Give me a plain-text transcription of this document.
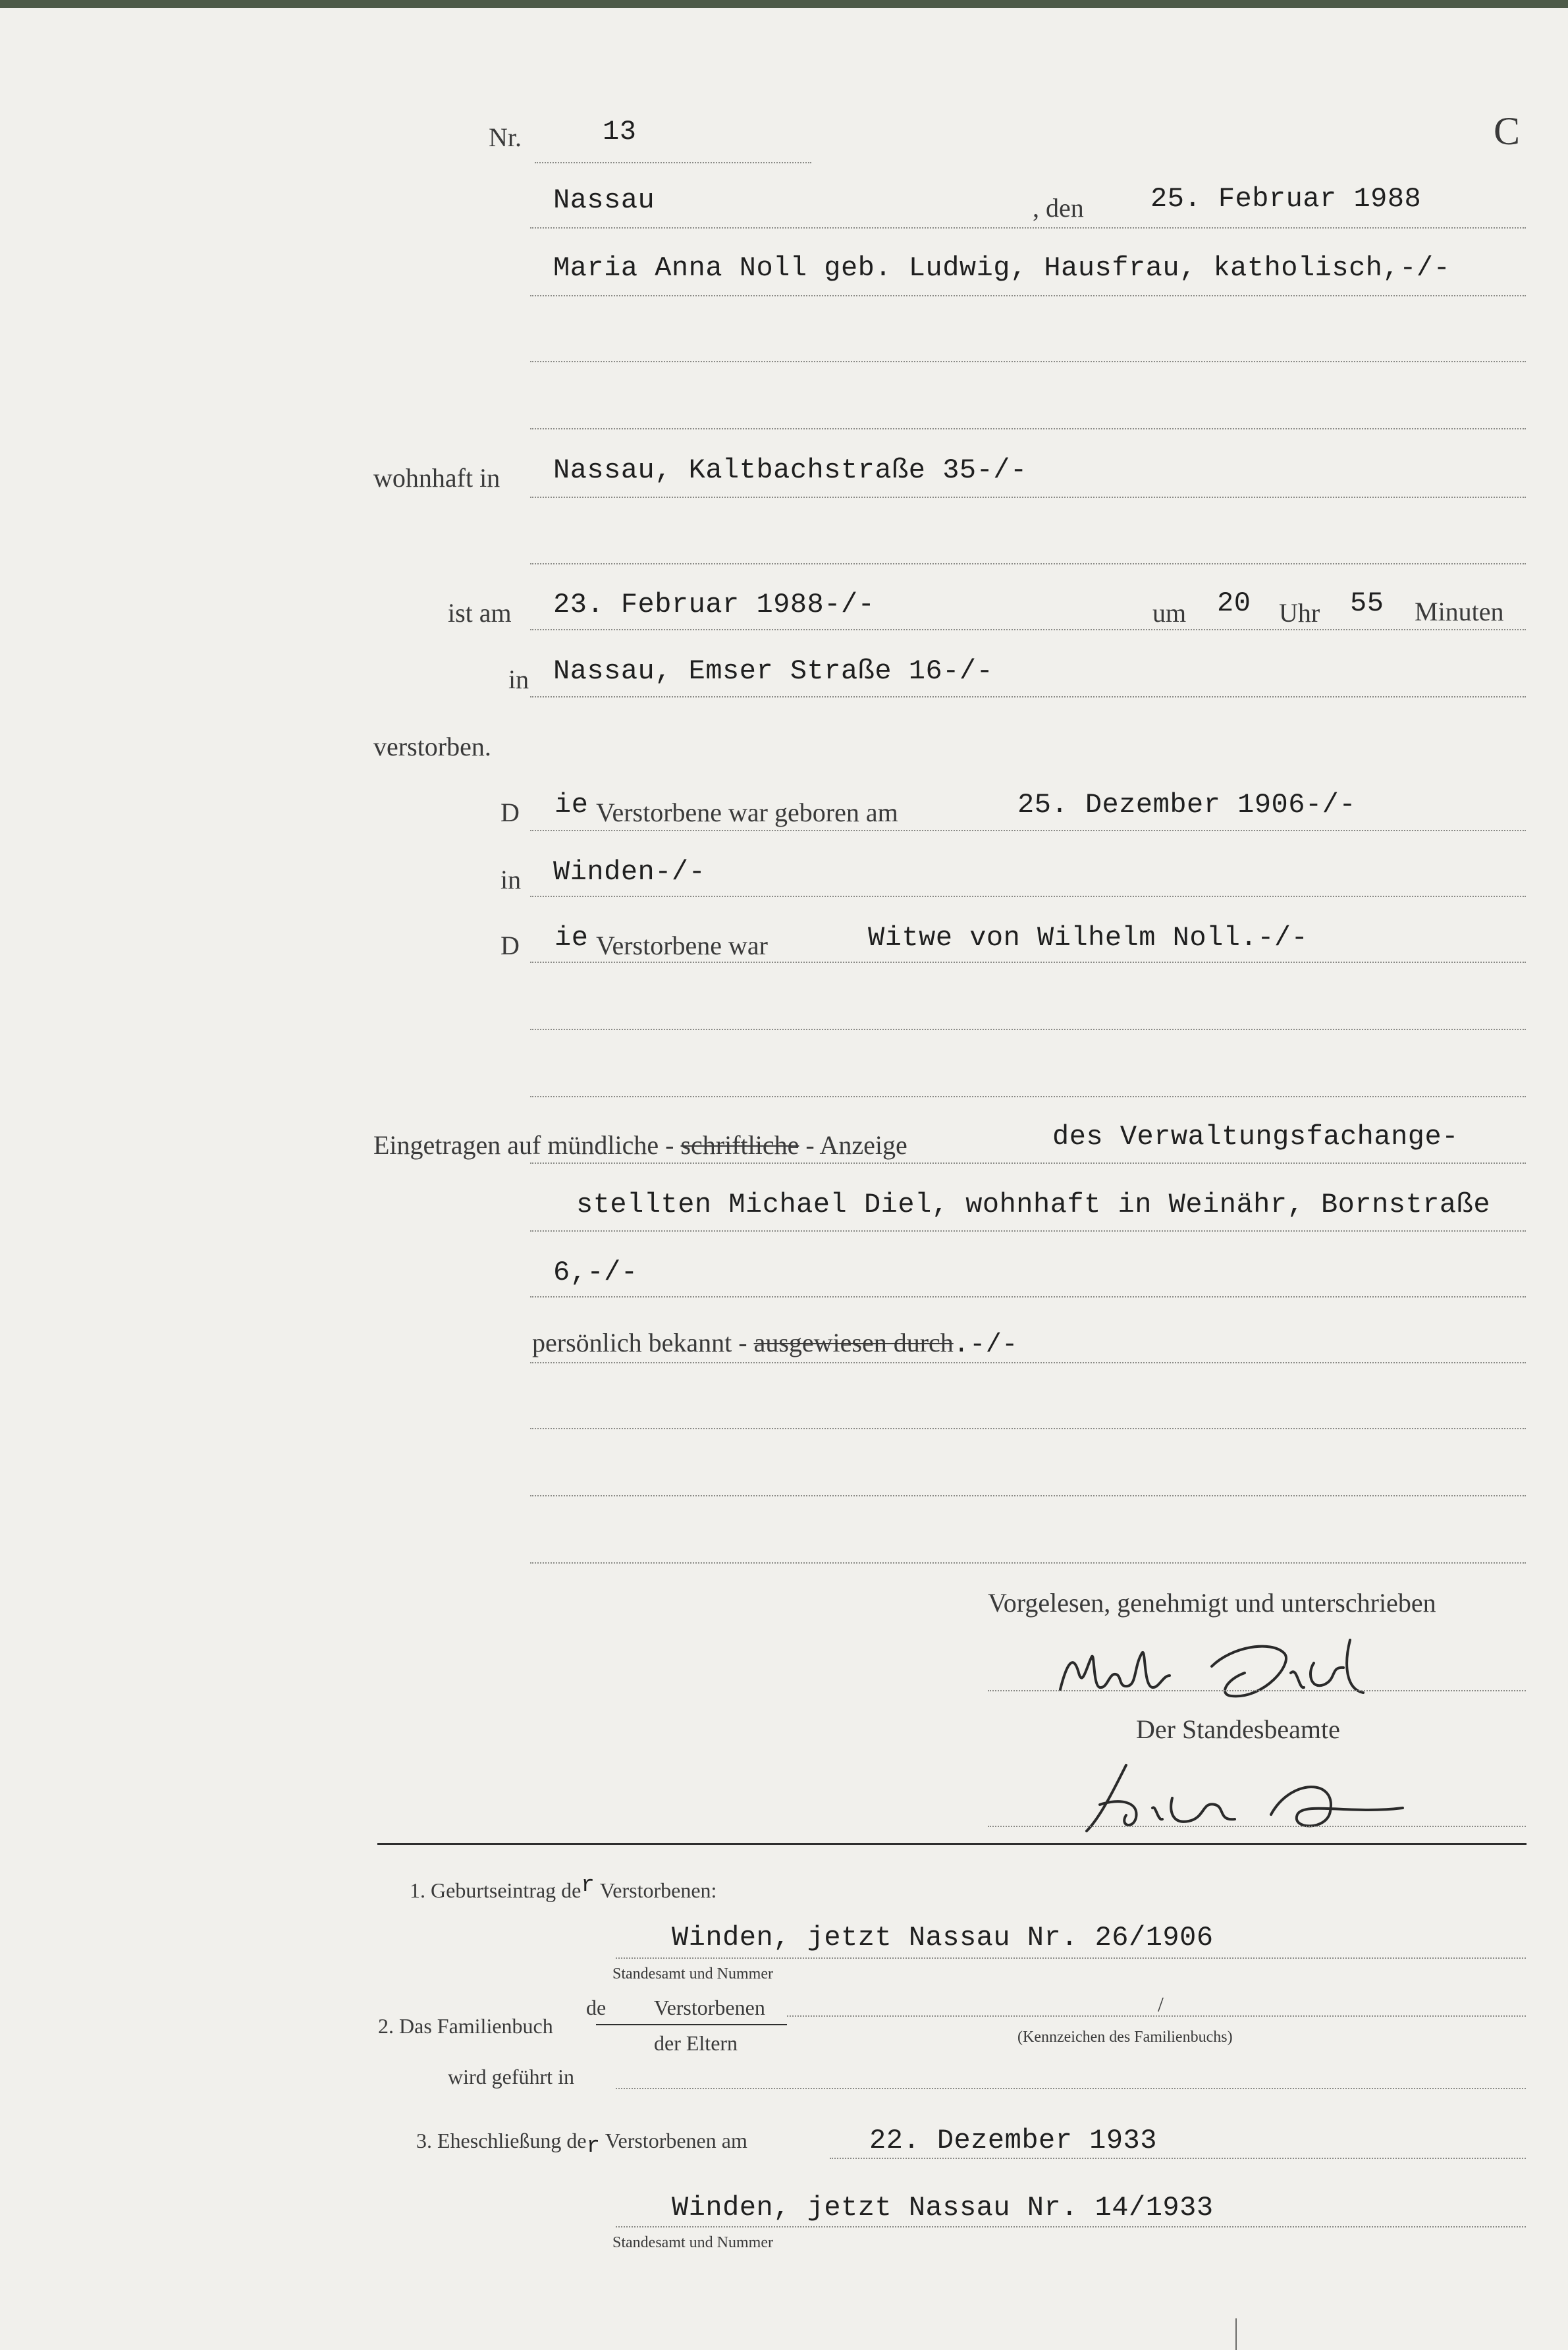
Nr.	13	C
Nassau	, den 25. Februar 1988
Maria Anna Noll geb. Ludwig, Hausfrau, katholisch,-/-
wohnhaft in Nassau, Kaltbachstraße 35-/-
ist am 23. Februar 1988-/-	um 20 Uhr 55 Minuten
in Nassau, Emser Straße 16-/-
verstorben.
D ie Verstorbene war geboren am	25. Dezember 1906-/-
in Winden-/-
D ie Verstorbene war	Witwe von Wilhelm Noll.-/-
Eingetragen auf mündliche - schriftliche - Anzeige	des Verwaltungsfachange-
stellten Michael Diel, wohnhaft in Weinähr, Bornstraße
6,-/-
persönlich bekannt - ausgewiesen durch.-/-
Vorgelesen, genehmigt und unterschrieben
Der Standesbeamte
1. Geburtseintrag der Verstorbenen:
Winden, jetzt Nassau Nr. 26/1906
Standesamt und Nummer
2. Das Familienbuch
de Verstorbenen
der Eltern
/
(Kennzeichen des Familienbuchs)
wird geführt in
3. Eheschließung der Verstorbenen am	22. Dezember 1933
Winden, jetzt Nassau Nr. 14/1933
Standesamt und Nummer
